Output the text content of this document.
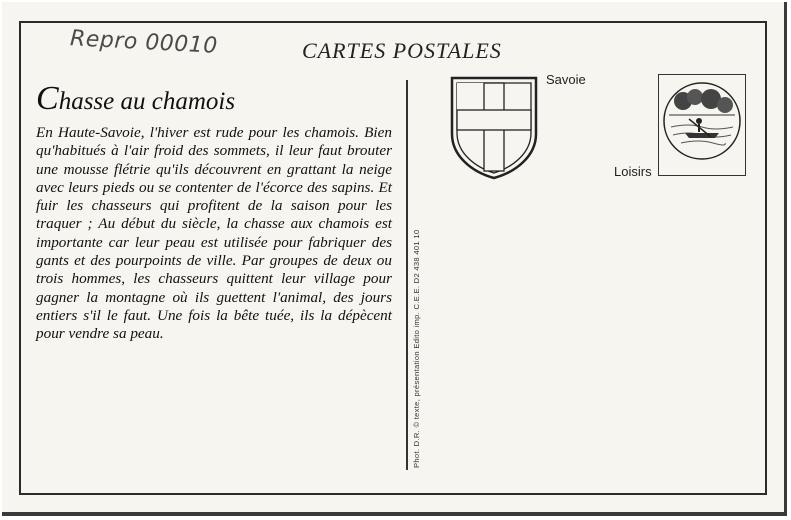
Repro 00010	CARTES POSTALES
Chasse au chamois
En Haute-Savoie, l'hiver est rude pour les chamois. Bien qu'habitués à l'air froid des sommets, il leur faut brouter une mousse flétrie qu'ils découvrent en grattant la neige avec leurs pieds ou se contenter de l'écorce des sapins. Et fuir les chasseurs qui profitent de la saison pour les traquer ; Au début du siècle, la chasse aux chamois est importante car leur peau est utilisée pour fabriquer des gants et des pourpoints de ville. Par groupes de deux ou trois hommes, les chasseurs quittent leur village pour gagner la montagne où ils guettent l'animal, des jours entiers s'il le faut. Une fois la bête tuée, ils la dépècent pour vendre sa peau.	Phot. D.R. © texte, présentation Edito imp. C.E.E. D2 438 401 10
Savoie
Loisirs
